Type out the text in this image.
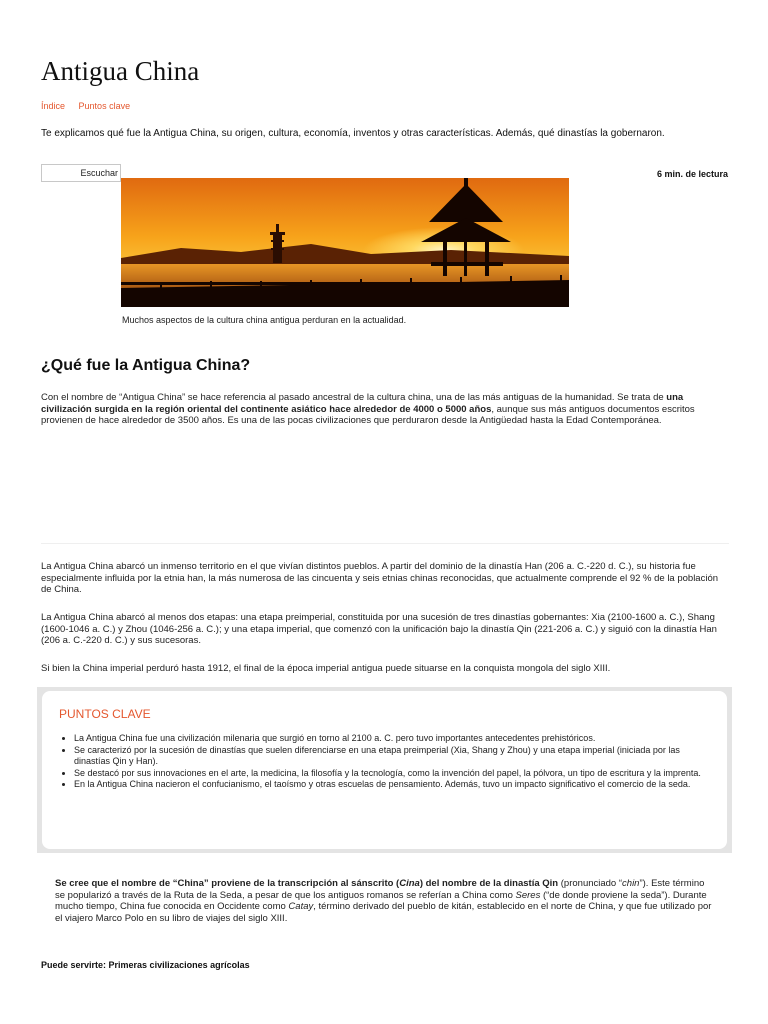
Antigua China
Índice Puntos clave

Te explicamos qué fue la Antigua China, su origen, cultura, economía, inventos y otras características. Además, qué dinastías la gobernaron.

Escuchar	6 min. de lectura

Muchos aspectos de la cultura china antigua perduran en la actualidad.

¿Qué fue la Antigua China?

Con el nombre de “Antigua China” se hace referencia al pasado ancestral de la cultura china, una de las más antiguas de la humanidad. Se trata de una civilización surgida en la región oriental del continente asiático hace alrededor de 4000 o 5000 años, aunque sus más antiguos documentos escritos provienen de hace alrededor de 3500 años. Es una de las pocas civilizaciones que perduraron desde la Antigüedad hasta la Edad Contemporánea.

La Antigua China abarcó un inmenso territorio en el que vivían distintos pueblos. A partir del dominio de la dinastía Han (206 a. C.-220 d. C.), su historia fue especialmente influida por la etnia han, la más numerosa de las cincuenta y seis etnias chinas reconocidas, que actualmente comprende el 92 % de la población de China.

La Antigua China abarcó al menos dos etapas: una etapa preimperial, constituida por una sucesión de tres dinastías gobernantes: Xia (2100-1600 a. C.), Shang (1600-1046 a. C.) y Zhou (1046-256 a. C.); y una etapa imperial, que comenzó con la unificación bajo la dinastía Qin (221-206 a. C.) y siguió con la dinastía Han (206 a. C.-220 d. C.) y sus sucesoras.

Si bien la China imperial perduró hasta 1912, el final de la época imperial antigua puede situarse en la conquista mongola del siglo XIII.

PUNTOS CLAVE
• La Antigua China fue una civilización milenaria que surgió en torno al 2100 a. C. pero tuvo importantes antecedentes prehistóricos.
• Se caracterizó por la sucesión de dinastías que suelen diferenciarse en una etapa preimperial (Xia, Shang y Zhou) y una etapa imperial (iniciada por las dinastías Qin y Han).
• Se destacó por sus innovaciones en el arte, la medicina, la filosofía y la tecnología, como la invención del papel, la pólvora, un tipo de escritura y la imprenta.
• En la Antigua China nacieron el confucianismo, el taoísmo y otras escuelas de pensamiento. Además, tuvo un impacto significativo el comercio de la seda.

Se cree que el nombre de “China” proviene de la transcripción al sánscrito (Cina) del nombre de la dinastía Qin (pronunciado “chin”). Este término se popularizó a través de la Ruta de la Seda, a pesar de que los antiguos romanos se referían a China como Seres (“de donde proviene la seda”). Durante mucho tiempo, China fue conocida en Occidente como Catay, término derivado del pueblo de kitán, establecido en el norte de China, y que fue utilizado por el viajero Marco Polo en su libro de viajes del siglo XIII.

Puede servirte: Primeras civilizaciones agrícolas
